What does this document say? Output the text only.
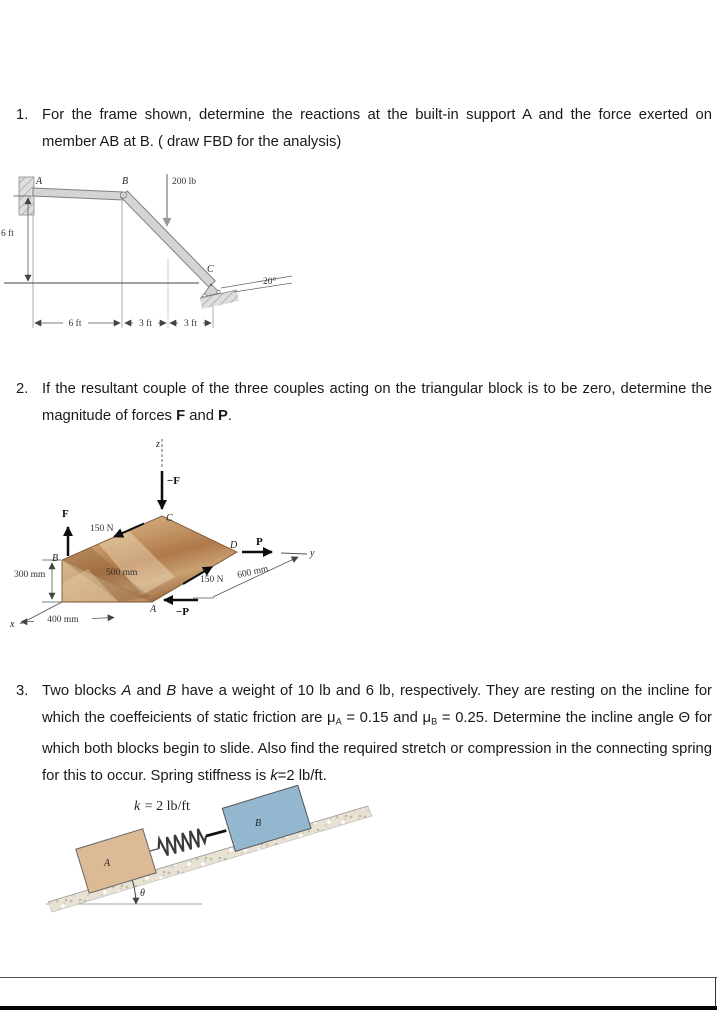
1. For the frame shown, determine the reactions at the built-in support A and the force exerted on member AB at B. ( draw FBD for the analysis)

6 ft
200 lb
20°
6 ft	3 ft	3 ft
A	B
C
2. If the resultant couple of the three couples acting on the triangular block is to be zero, determine the magnitude of forces F and P.

z
x
y
−F
F
150 N
150 N
P
−P
300 mm	500 mm
400 mm
600 mm
B
C
D
A
3. Two blocks A and B have a weight of 10 lb and 6 lb, respectively. They are resting on the incline for which the coeffeicients of static friction are μA = 0.15 and μB = 0.25. Determine the incline angle Θ for which both blocks begin to slide. Also find the required stretch or compression in the connecting spring for this to occur. Spring stiffness is k=2 lb/ft.

θ
A
B
k = 2 lb/ft
